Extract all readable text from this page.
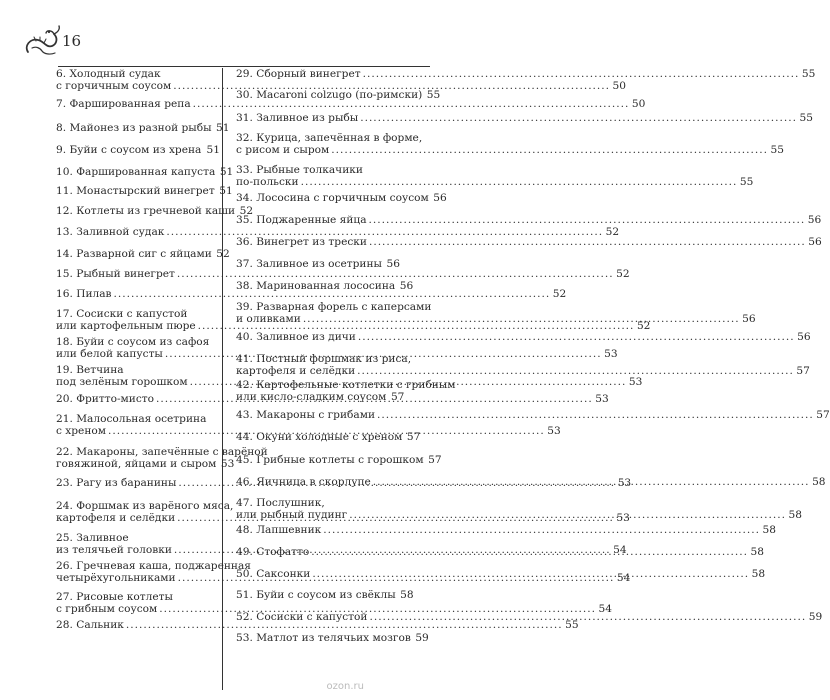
16
6. Холодный судак
с горчичным соусом .....	50
7. Фаршированная репа .....	50
8. Майонез из разной рыбы 51
9. Буйи с соусом из хрена ..... 51
10. Фаршированная капуста 51
11. Монастырский винегрет 51
12. Котлеты из гречневой каши 52
13. Заливной судак .....	52
14. Разварной сиг с яйцами 52
15. Рыбный винегрет .....	52
16. Пилав .....	52
17. Сосиски с капустой
или картофельным пюре .....	52
18. Буйи с соусом из сафоя
или белой капусты .....	53
19. Ветчина
под зелёным горошком .....	53
20. Фритто-мисто .....	53
21. Малосольная осетрина
с хреном .....	53
22. Макароны, запечённые с варёной
говяжиной, яйцами и сыром 53
23. Рагу из баранины .....	53
24. Форшмак из варёного мяса,
картофеля и селёдки .....	53
25. Заливное
из телячьей головки .....	54
26. Гречневая каша, поджаренная
четырёхугольниками .....	54
27. Рисовые котлеты
с грибным соусом .....	54
28. Сальник .....	55
29. Сборный винегрет .....	55
30. Macaroni colzugo (по-римски) 55
31. Заливное из рыбы .....	55
32. Курица, запечённая в форме,
с рисом и сыром .....	55
33. Рыбные толкачики
по-польски .....	55
34. Лососина с горчичным соусом 56
35. Поджаренные яйца .....	56
36. Винегрет из трески .....	56
37. Заливное из осетрины ..... 56
38. Маринованная лососина 56
39. Разварная форель с каперсами
и оливками .....	56
40. Заливное из дичи .....	56
41. Постный форшмак из риса,
картофеля и селёдки .....	57
42. Картофельные котлетки с грибным
или кисло-сладким соусом 57
43. Макароны с грибами .....	57
44. Окуни холодные с хреном 57
45. Грибные котлеты с горошком 57
46. Яичница в скорлупе .....	58
47. Послушник,
или рыбный пудинг .....	58
48. Лапшевник .....	58
49. Стофатто .....	58
50. Саксонки .....	58
51. Буйи с соусом из свёклы 58
52. Сосиски с капустой .....	59
53. Матлот из телячьих мозгов 59
ozon.ru
